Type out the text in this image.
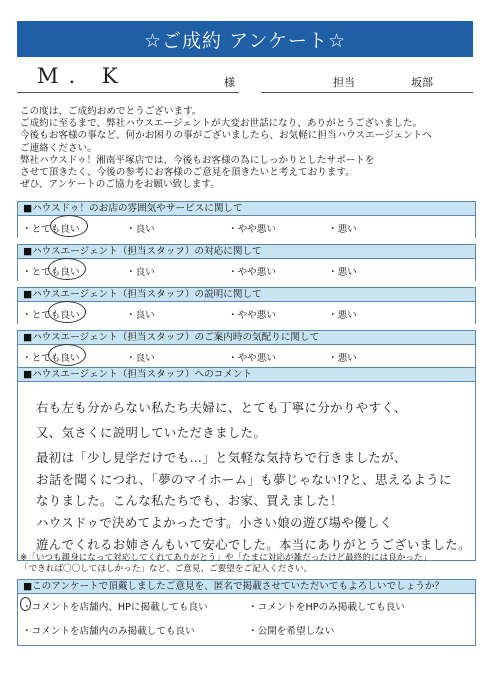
☆ご成約 アンケート☆
M. K	様	担当	坂部
この度は、ご成約おめでとうございます。
ご成約に至るまで、弊社ハウスエージェントが大変お世話になり、ありがとうございました。
今後もお客様の事など、何かお困りの事がございましたら、お気軽に担当ハウスエージェントへ
ご連絡ください。
弊社ハウスドゥ！湘南平塚店では、今後もお客様の為にしっかりとしたサポートを
させて頂きたく、今後の参考にお客様のご意見を頂きたいと考えております。
ぜひ、アンケートのご協力をお願い致します。
■ハウスドゥ！のお店の雰囲気やサービスに関して
・とても良い	・良い	・やや悪い	・悪い
■ハウスエージェント（担当スタッフ）の対応に関して
・とても良い	・良い	・やや悪い	・悪い
■ハウスエージェント（担当スタッフ）の説明に関して
・とても良い	・良い	・やや悪い	・悪い
■ハウスエージェント（担当スタッフ）のご案内時の気配りに関して
・とても良い	・良い	・やや悪い	・悪い
■ハウスエージェント（担当スタッフ）へのコメント
右も左も分からない私たち夫婦に、とても丁寧に分かりやすく、
又、気さくに説明していただきました。
最初は「少し見学だけでも…」と気軽な気持ちで行きましたが、
お話を聞くにつれ、「夢のマイホーム」も夢じゃない!?と、思えるように
なりました。こんな私たちでも、お家、買えました！
ハウスドゥで決めてよかったです。小さい娘の遊び場や優しく
遊んでくれるお姉さんもいて安心でした。本当にありがとうございました。
※「いつも親身になって対応してくれてありがとう」や「たまに対応が雑だったけど最終的には良かった」
「できれば〇〇してほしかった」など、ご意見、ご要望をご記入ください。
■このアンケートで頂戴しましたご意見を、匿名で掲載させていただいてもよろしいでしょうか？
・コメントを店舗内、HPに掲載しても良い	・コメントをHPのみ掲載しても良い
・コメントを店舗内のみ掲載しても良い	・公開を希望しない
